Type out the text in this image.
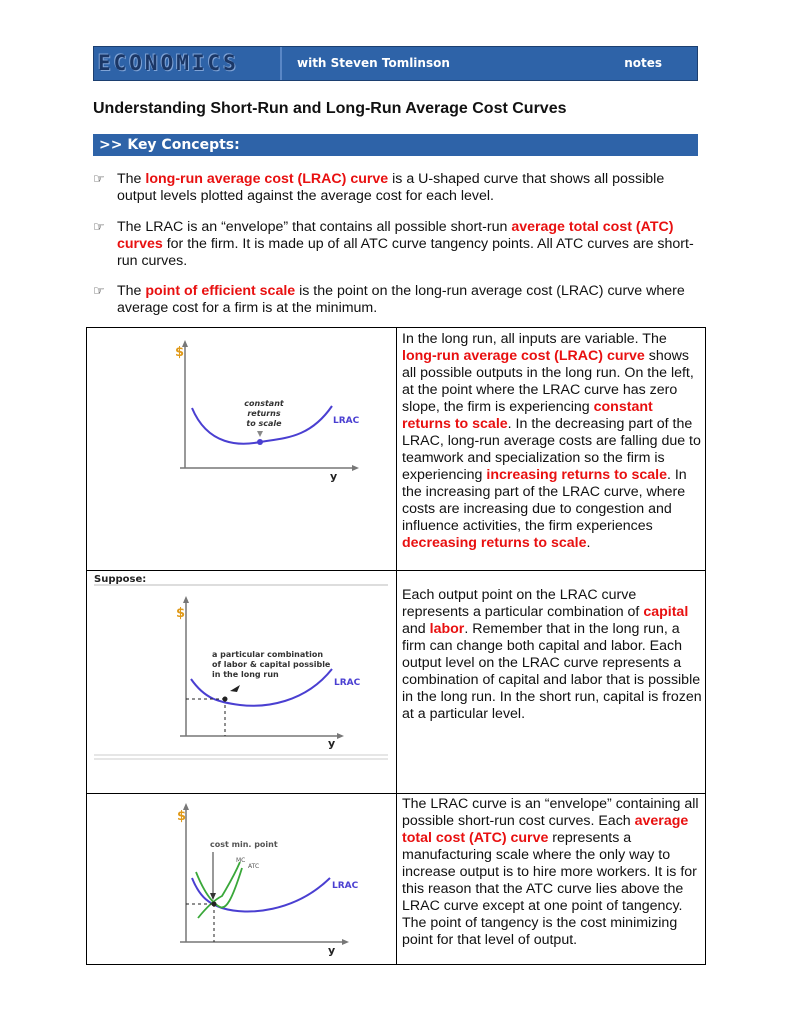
ECONOMICS	with Steven Tomlinson	notes
Understanding Short-Run and Long-Run Average Cost Curves
>> Key Concepts:
☞ The long-run average cost (LRAC) curve is a U-shaped curve that shows all possible output levels plotted against the average cost for each level.
☞ The LRAC is an “envelope” that contains all possible short-run average total cost (ATC) curves for the firm. It is made up of all ATC curve tangency points. All ATC curves are short-run curves.
☞ The point of efficient scale is the point on the long-run average cost (LRAC) curve where average cost for a firm is at the minimum.
In the long run, all inputs are variable. The long-run average cost (LRAC) curve shows all possible outputs in the long run. On the left, at the point where the LRAC curve has zero slope, the firm is experiencing constant returns to scale. In the decreasing part of the LRAC, long-run average costs are falling due to teamwork and specialization so the firm is experiencing increasing returns to scale. In the increasing part of the LRAC curve, where costs are increasing due to congestion and influence activities, the firm experiences decreasing returns to scale.
Each output point on the LRAC curve represents a particular combination of capital and labor. Remember that in the long run, a firm can change both capital and labor. Each output level on the LRAC curve represents a combination of capital and labor that is possible in the long run. In the short run, capital is frozen at a particular level.
The LRAC curve is an “envelope” containing all possible short-run cost curves. Each average total cost (ATC) curve represents a manufacturing scale where the only way to increase output is to hire more workers. It is for this reason that the ATC curve lies above the LRAC curve except at one point of tangency. The point of tangency is the cost minimizing point for that level of output.
$
y
LRAC
constant
returns
to scale
Suppose:
$
y
LRAC
a particular combination
of labor & capital possible
in the long run
$
y
cost min. point
MC
ATC
LRAC
